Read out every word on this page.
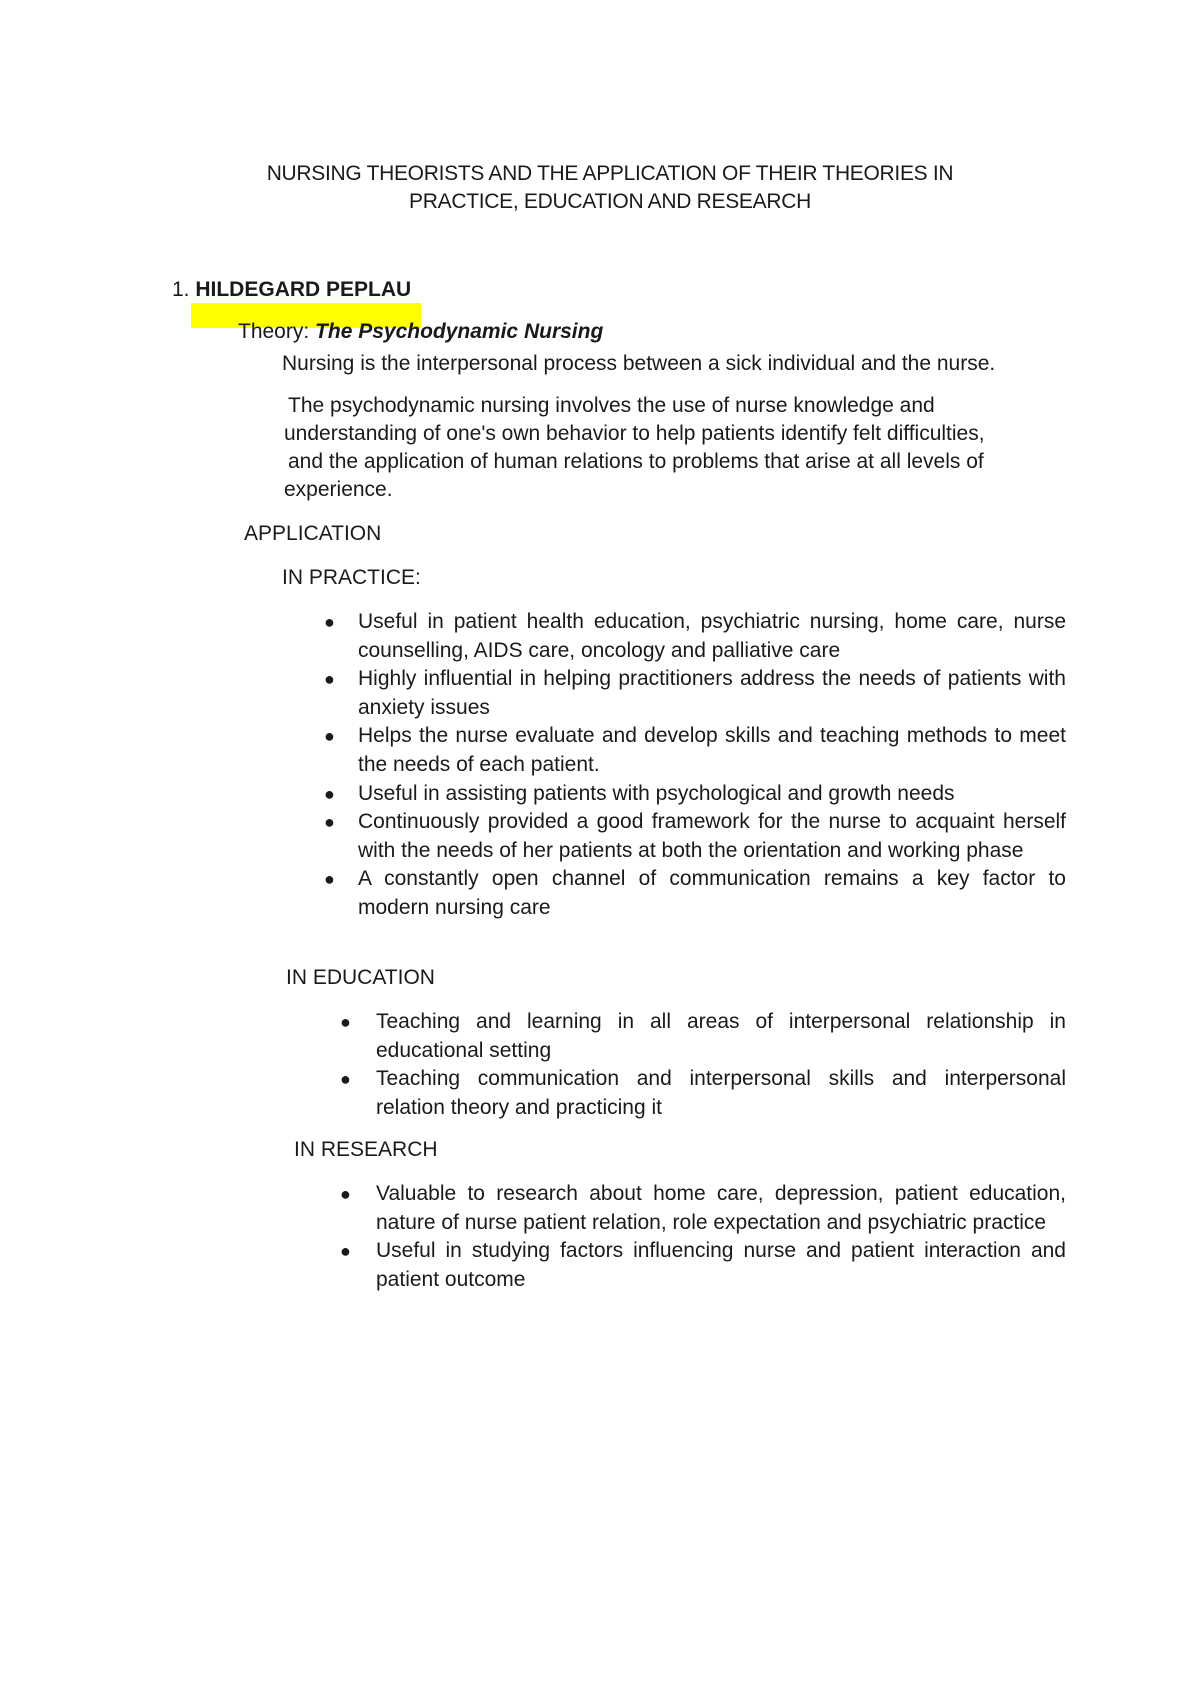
NURSING THEORISTS AND THE APPLICATION OF THEIR THEORIES IN
PRACTICE, EDUCATION AND RESEARCH
1. HILDEGARD PEPLAU
Theory: The Psychodynamic Nursing
Nursing is the interpersonal process between a sick individual and the nurse.
The psychodynamic nursing involves the use of nurse knowledge and
understanding of one's own behavior to help patients identify felt difficulties,
and the application of human relations to problems that arise at all levels of
experience.
APPLICATION
IN PRACTICE:
● Useful in patient health education, psychiatric nursing, home care, nurse counselling, AIDS care, oncology and palliative care
● Highly influential in helping practitioners address the needs of patients with anxiety issues
● Helps the nurse evaluate and develop skills and teaching methods to meet the needs of each patient.
● Useful in assisting patients with psychological and growth needs
● Continuously provided a good framework for the nurse to acquaint herself with the needs of her patients at both the orientation and working phase
● A constantly open channel of communication remains a key factor to modern nursing care
IN EDUCATION
● Teaching and learning in all areas of interpersonal relationship in educational setting
● Teaching communication and interpersonal skills and interpersonal relation theory and practicing it
IN RESEARCH
● Valuable to research about home care, depression, patient education, nature of nurse patient relation, role expectation and psychiatric practice
● Useful in studying factors influencing nurse and patient interaction and patient outcome
